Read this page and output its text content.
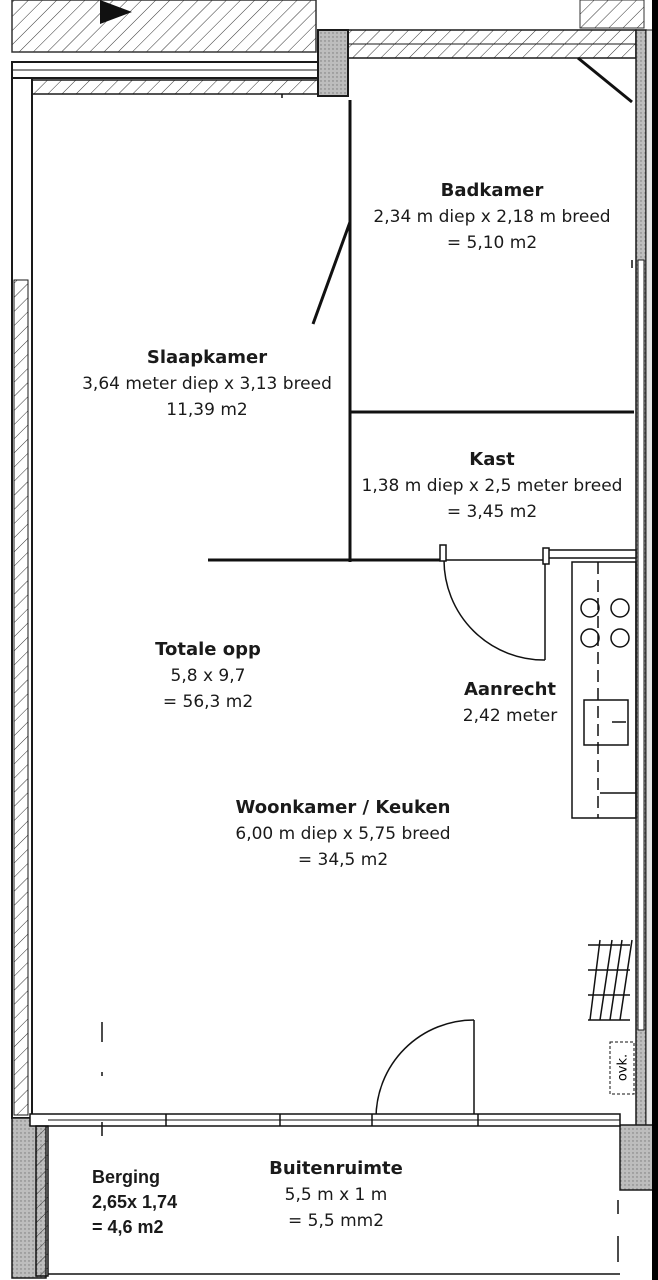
Badkamer
2,34 m diep x 2,18 m breed
= 5,10 m2
Slaapkamer
3,64 meter diep x 3,13 breed
11,39 m2
Kast
1,38 m diep x 2,5 meter breed
= 3,45 m2
Totale opp
5,8 x 9,7
= 56,3 m2
Aanrecht
2,42 meter
Woonkamer / Keuken
6,00 m diep x 5,75 breed
= 34,5 m2
Buitenruimte
5,5 m x 1 m
= 5,5 mm2
Berging
2,65x 1,74
= 4,6 m2
ovk.
